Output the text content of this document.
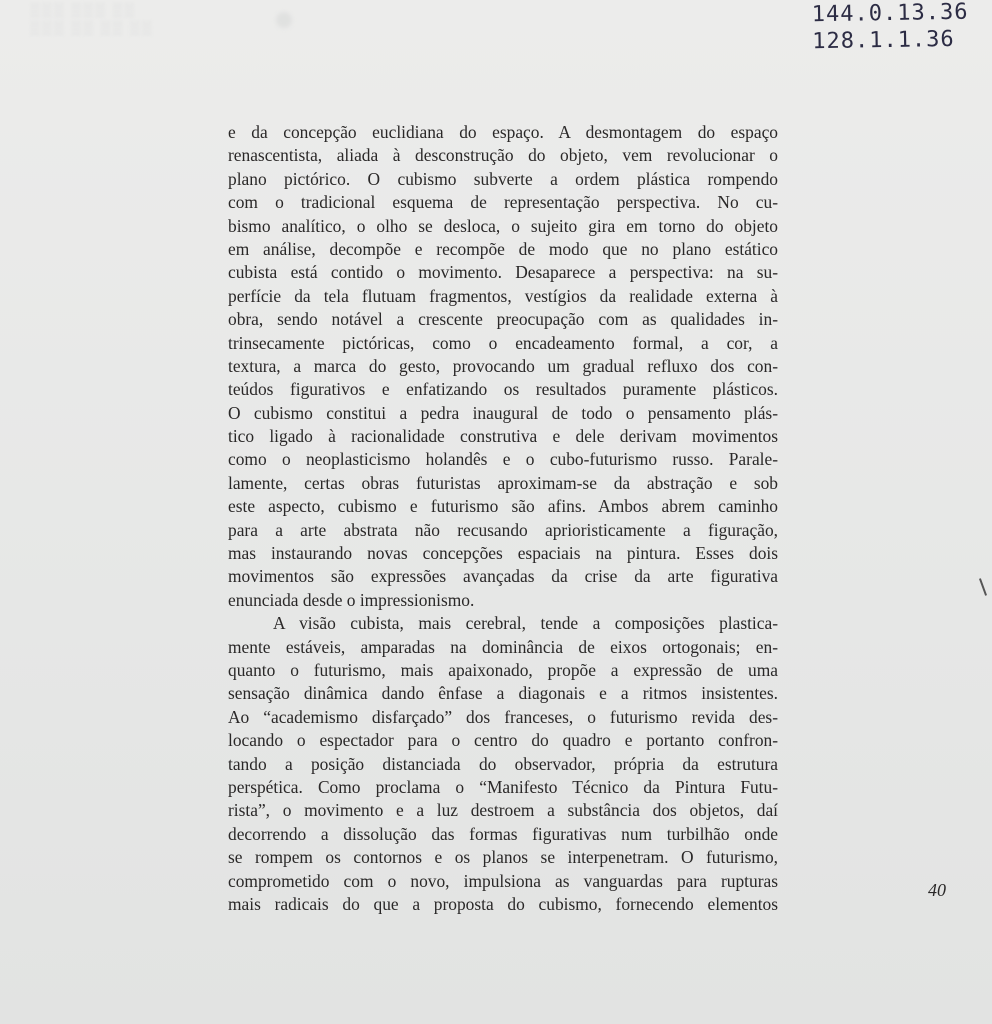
▒▒▒ ▒▒▒ ▒▒
▒▒▒ ▒▒ ▒▒ ▒▒
144.0.13.36
128.1.1.36
e da concepção euclidiana do espaço. A desmontagem do espaço
renascentista, aliada à desconstrução do objeto, vem revolucionar o
plano pictórico. O cubismo subverte a ordem plástica rompendo
com o tradicional esquema de representação perspectiva. No cu-
bismo analítico, o olho se desloca, o sujeito gira em torno do objeto
em análise, decompõe e recompõe de modo que no plano estático
cubista está contido o movimento. Desaparece a perspectiva: na su-
perfície da tela flutuam fragmentos, vestígios da realidade externa à
obra, sendo notável a crescente preocupação com as qualidades in-
trinsecamente pictóricas, como o encadeamento formal, a cor, a
textura, a marca do gesto, provocando um gradual refluxo dos con-
teúdos figurativos e enfatizando os resultados puramente plásticos.
O cubismo constitui a pedra inaugural de todo o pensamento plás-
tico ligado à racionalidade construtiva e dele derivam movimentos
como o neoplasticismo holandês e o cubo-futurismo russo. Parale-
lamente, certas obras futuristas aproximam-se da abstração e sob
este aspecto, cubismo e futurismo são afins. Ambos abrem caminho
para a arte abstrata não recusando aprioristicamente a figuração,
mas instaurando novas concepções espaciais na pintura. Esses dois
movimentos são expressões avançadas da crise da arte figurativa
enunciada desde o impressionismo.
A visão cubista, mais cerebral, tende a composições plastica-
mente estáveis, amparadas na dominância de eixos ortogonais; en-
quanto o futurismo, mais apaixonado, propõe a expressão de uma
sensação dinâmica dando ênfase a diagonais e a ritmos insistentes.
Ao “academismo disfarçado” dos franceses, o futurismo revida des-
locando o espectador para o centro do quadro e portanto confron-
tando a posição distanciada do observador, própria da estrutura
perspética. Como proclama o “Manifesto Técnico da Pintura Futu-
rista”, o movimento e a luz destroem a substância dos objetos, daí
decorrendo a dissolução das formas figurativas num turbilhão onde
se rompem os contornos e os planos se interpenetram. O futurismo,
comprometido com o novo, impulsiona as vanguardas para rupturas
mais radicais do que a proposta do cubismo, fornecendo elementos
40
